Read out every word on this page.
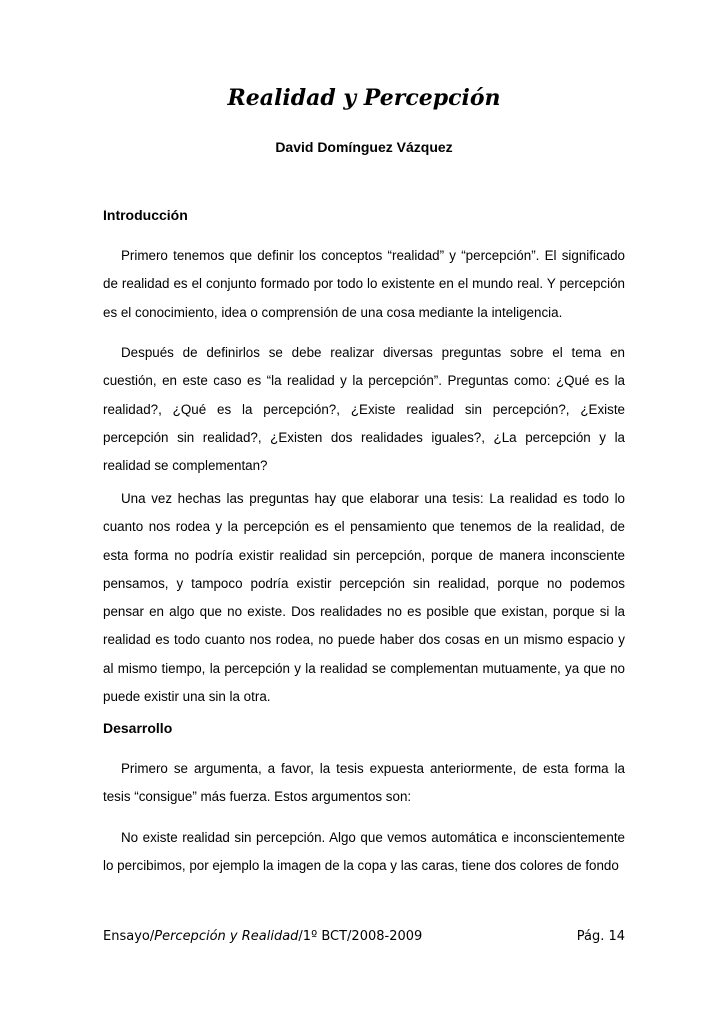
Realidad y Percepción

David Domínguez Vázquez

Introducción

Primero tenemos que definir los conceptos “realidad” y “percepción”. El significado de realidad es el conjunto formado por todo lo existente en el mundo real. Y percepción es el conocimiento, idea o comprensión de una cosa mediante la inteligencia.

Después de definirlos se debe realizar diversas preguntas sobre el tema en cuestión, en este caso es “la realidad y la percepción”. Preguntas como: ¿Qué es la realidad?, ¿Qué es la percepción?, ¿Existe realidad sin percepción?, ¿Existe percepción sin realidad?, ¿Existen dos realidades iguales?, ¿La percepción y la realidad se complementan?

Una vez hechas las preguntas hay que elaborar una tesis: La realidad es todo lo cuanto nos rodea y la percepción es el pensamiento que tenemos de la realidad, de esta forma no podría existir realidad sin percepción, porque de manera inconsciente pensamos, y tampoco podría existir percepción sin realidad, porque no podemos pensar en algo que no existe. Dos realidades no es posible que existan, porque si la realidad es todo cuanto nos rodea, no puede haber dos cosas en un mismo espacio y al mismo tiempo, la percepción y la realidad se complementan mutuamente, ya que no puede existir una sin la otra.

Desarrollo

Primero se argumenta, a favor, la tesis expuesta anteriormente, de esta forma la tesis “consigue” más fuerza. Estos argumentos son:

No existe realidad sin percepción. Algo que vemos automática e inconscientemente lo percibimos, por ejemplo la imagen de la copa y las caras, tiene dos colores de fondo

Ensayo/Percepción y Realidad/1º BCT/2008-2009	Pág. 14
